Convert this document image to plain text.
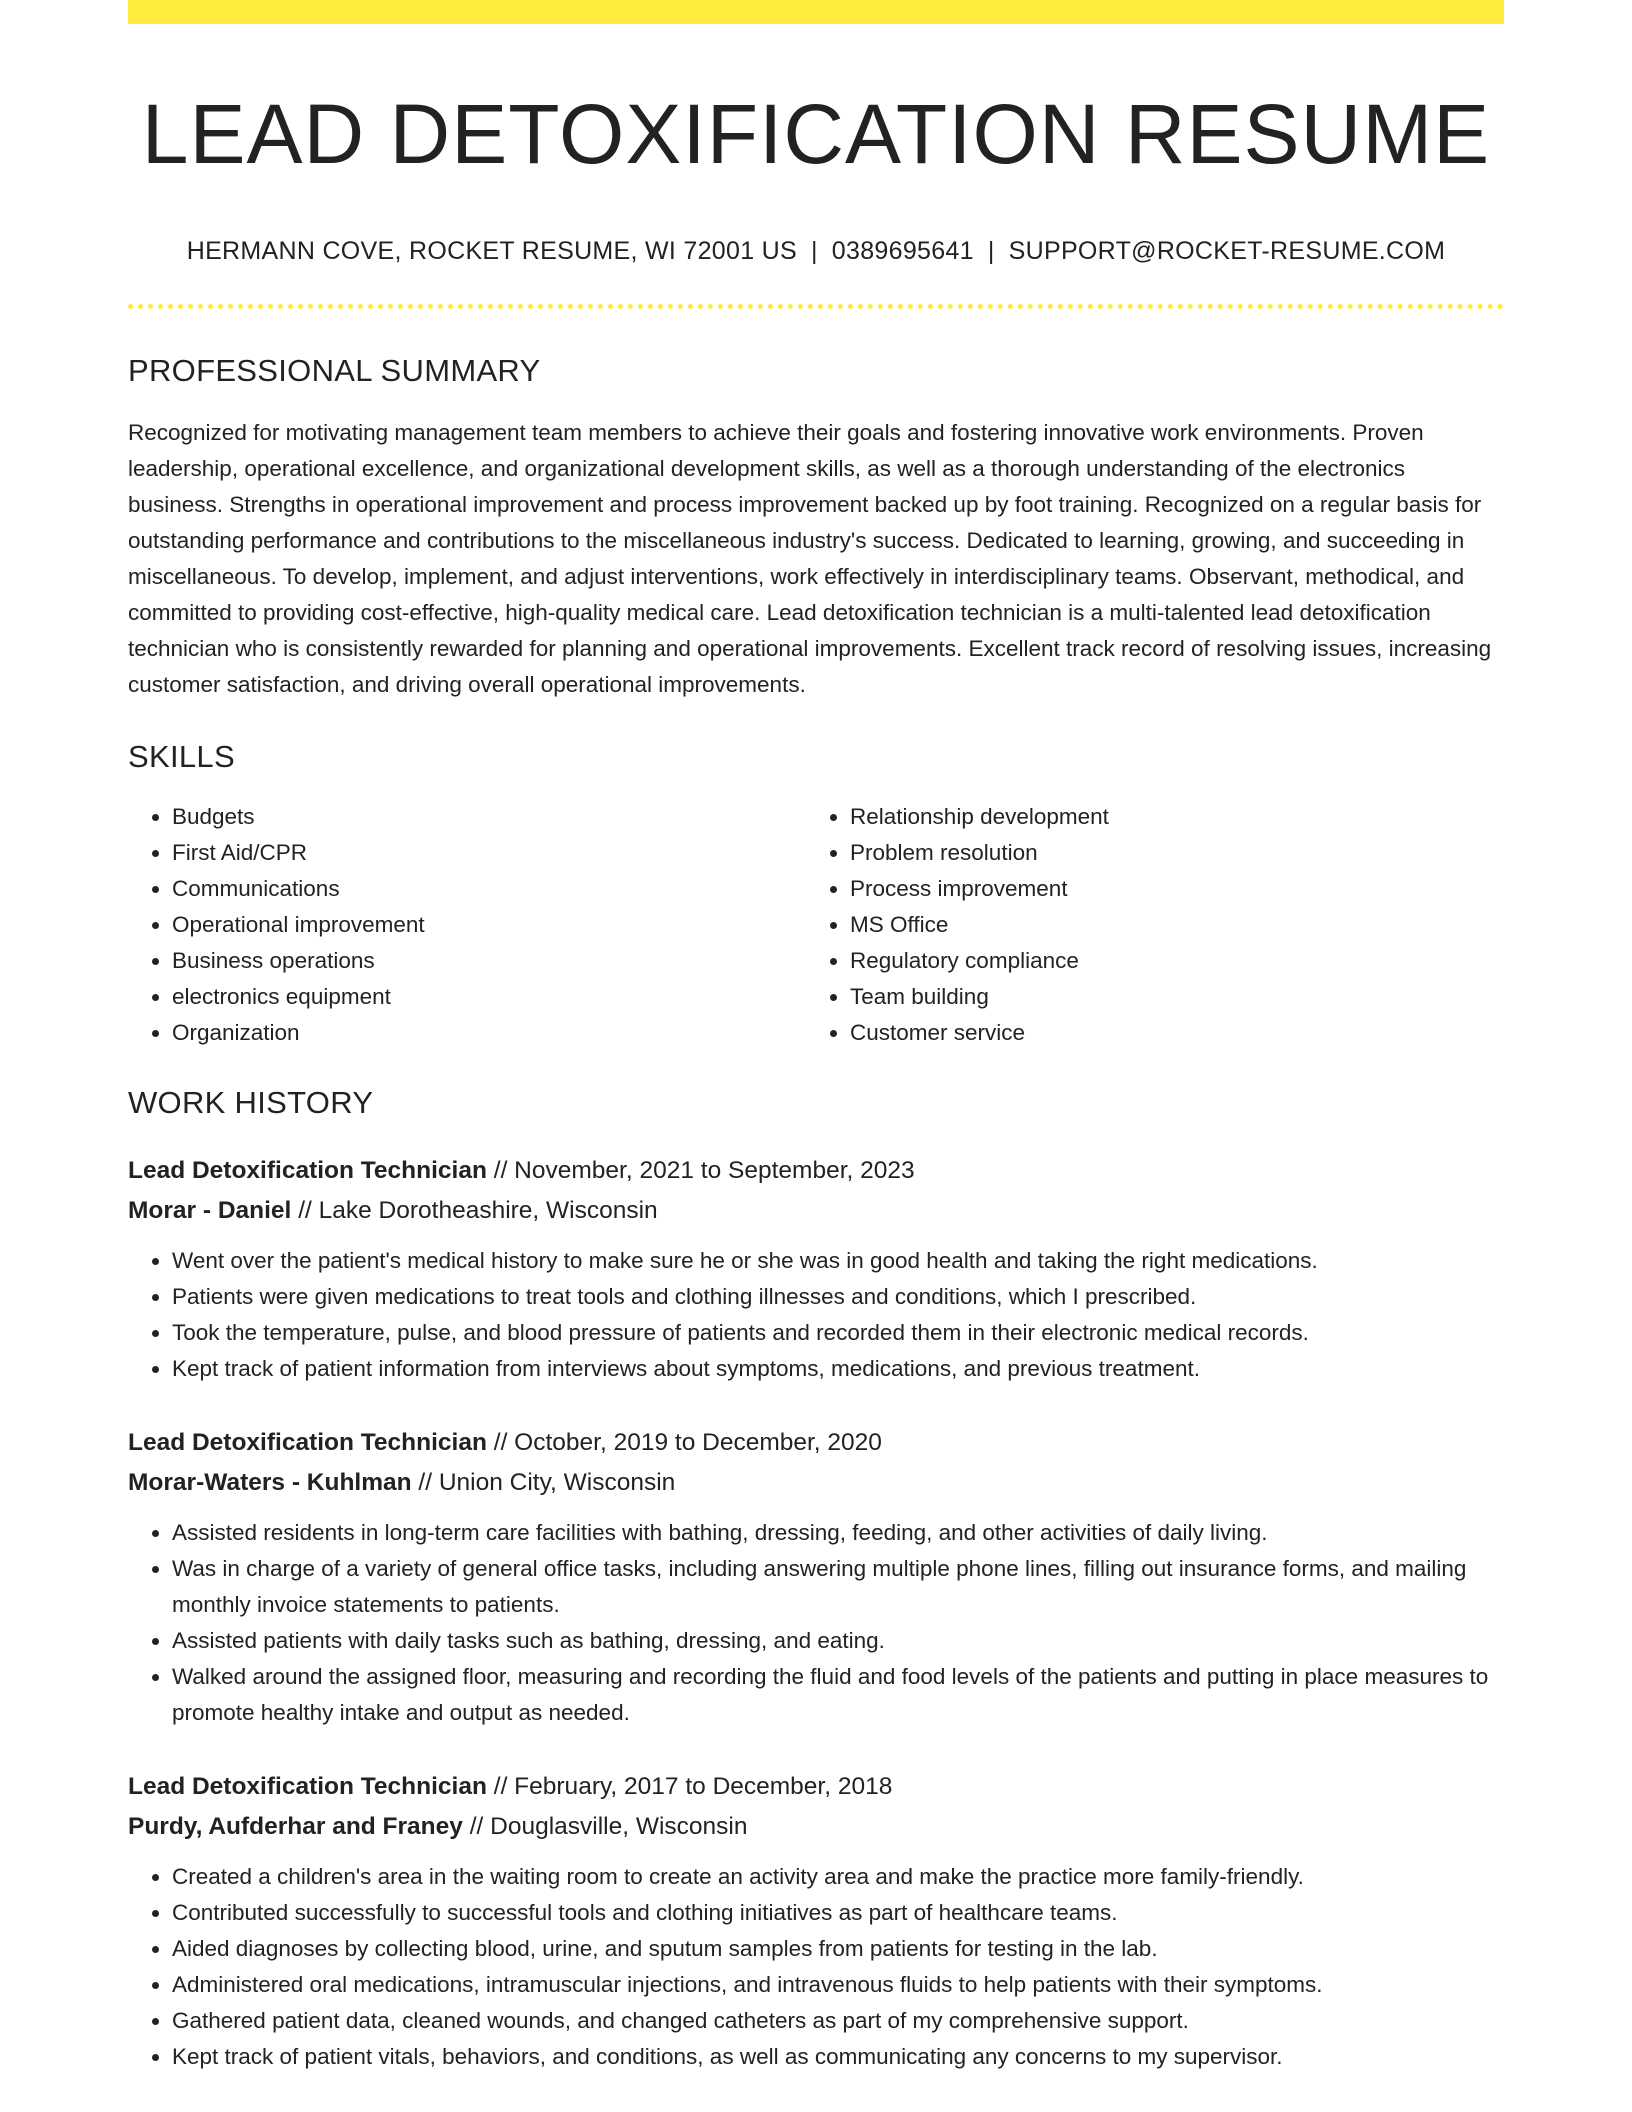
LEAD DETOXIFICATION RESUME
HERMANN COVE, ROCKET RESUME, WI 72001 US | 0389695641 | SUPPORT@ROCKET-RESUME.COM
PROFESSIONAL SUMMARY

Recognized for motivating management team members to achieve their goals and fostering innovative work environments. Proven leadership, operational excellence, and organizational development skills, as well as a thorough understanding of the electronics business. Strengths in operational improvement and process improvement backed up by foot training. Recognized on a regular basis for outstanding performance and contributions to the miscellaneous industry's success. Dedicated to learning, growing, and succeeding in miscellaneous. To develop, implement, and adjust interventions, work effectively in interdisciplinary teams. Observant, methodical, and committed to providing cost-effective, high-quality medical care. Lead detoxification technician is a multi-talented lead detoxification technician who is consistently rewarded for planning and operational improvements. Excellent track record of resolving issues, increasing customer satisfaction, and driving overall operational improvements.

SKILLS
• Budgets
• First Aid/CPR
• Communications
• Operational improvement
• Business operations
• electronics equipment
• Organization
• Relationship development
• Problem resolution
• Process improvement
• MS Office
• Regulatory compliance
• Team building
• Customer service
WORK HISTORY
Lead Detoxification Technician // November, 2021 to September, 2023
Morar - Daniel // Lake Dorotheashire, Wisconsin
• Went over the patient's medical history to make sure he or she was in good health and taking the right medications.
• Patients were given medications to treat tools and clothing illnesses and conditions, which I prescribed.
• Took the temperature, pulse, and blood pressure of patients and recorded them in their electronic medical records.
• Kept track of patient information from interviews about symptoms, medications, and previous treatment.
Lead Detoxification Technician // October, 2019 to December, 2020
Morar-Waters - Kuhlman // Union City, Wisconsin
• Assisted residents in long-term care facilities with bathing, dressing, feeding, and other activities of daily living.
• Was in charge of a variety of general office tasks, including answering multiple phone lines, filling out insurance forms, and mailing monthly invoice statements to patients.
• Assisted patients with daily tasks such as bathing, dressing, and eating.
• Walked around the assigned floor, measuring and recording the fluid and food levels of the patients and putting in place measures to promote healthy intake and output as needed.
Lead Detoxification Technician // February, 2017 to December, 2018
Purdy, Aufderhar and Franey // Douglasville, Wisconsin
• Created a children's area in the waiting room to create an activity area and make the practice more family-friendly.
• Contributed successfully to successful tools and clothing initiatives as part of healthcare teams.
• Aided diagnoses by collecting blood, urine, and sputum samples from patients for testing in the lab.
• Administered oral medications, intramuscular injections, and intravenous fluids to help patients with their symptoms.
• Gathered patient data, cleaned wounds, and changed catheters as part of my comprehensive support.
• Kept track of patient vitals, behaviors, and conditions, as well as communicating any concerns to my supervisor.
